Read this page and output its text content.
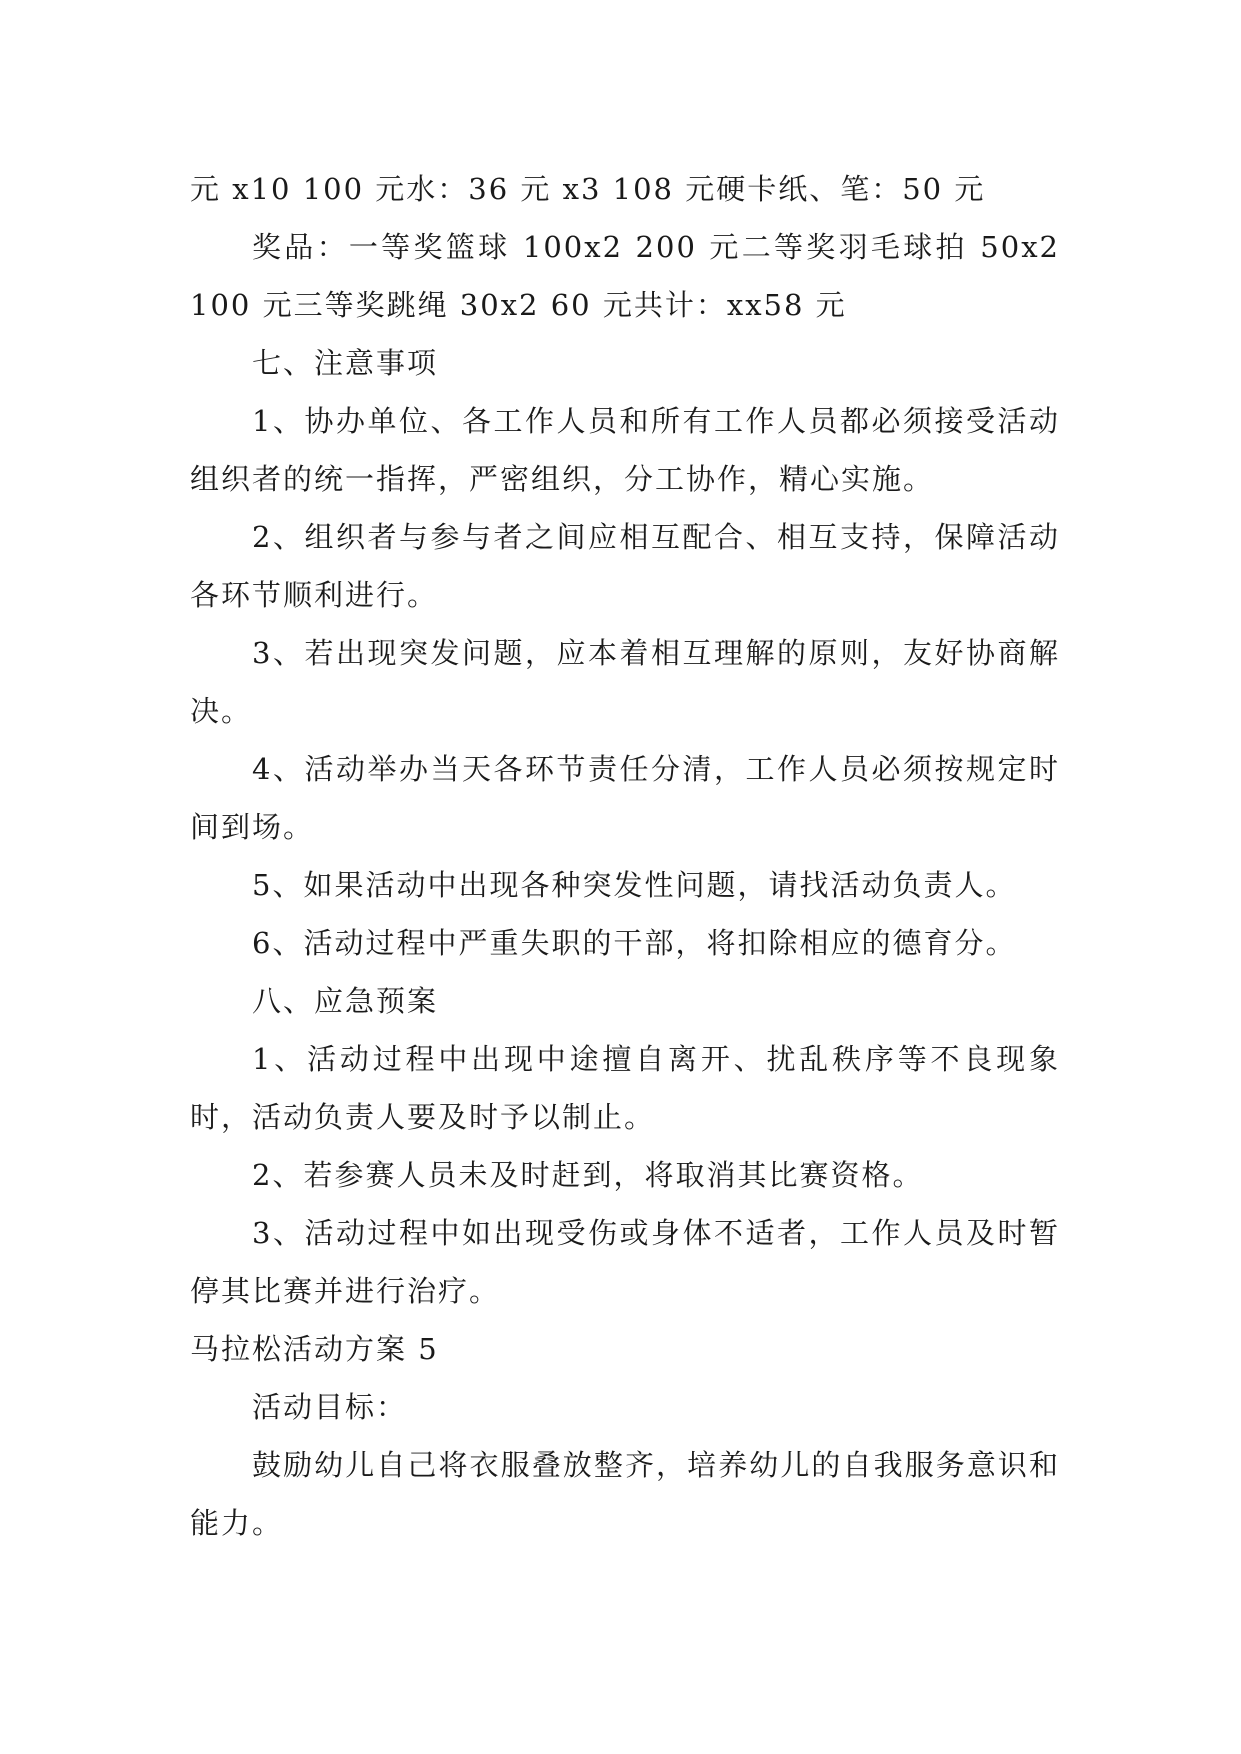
元 x10 100 元水：36 元 x3 108 元硬卡纸、笔：50 元

奖品：一等奖篮球 100x2 200 元二等奖羽毛球拍 50x2 100 元三等奖跳绳 30x2 60 元共计：xx58 元

七、注意事项

1、协办单位、各工作人员和所有工作人员都必须接受活动组织者的统一指挥，严密组织，分工协作，精心实施。

2、组织者与参与者之间应相互配合、相互支持，保障活动各环节顺利进行。

3、若出现突发问题，应本着相互理解的原则，友好协商解决。

4、活动举办当天各环节责任分清，工作人员必须按规定时间到场。

5、如果活动中出现各种突发性问题，请找活动负责人。

6、活动过程中严重失职的干部，将扣除相应的德育分。

八、应急预案

1、活动过程中出现中途擅自离开、扰乱秩序等不良现象时，活动负责人要及时予以制止。

2、若参赛人员未及时赶到，将取消其比赛资格。

3、活动过程中如出现受伤或身体不适者，工作人员及时暂停其比赛并进行治疗。

马拉松活动方案 5

活动目标：

鼓励幼儿自己将衣服叠放整齐，培养幼儿的自我服务意识和能力。
